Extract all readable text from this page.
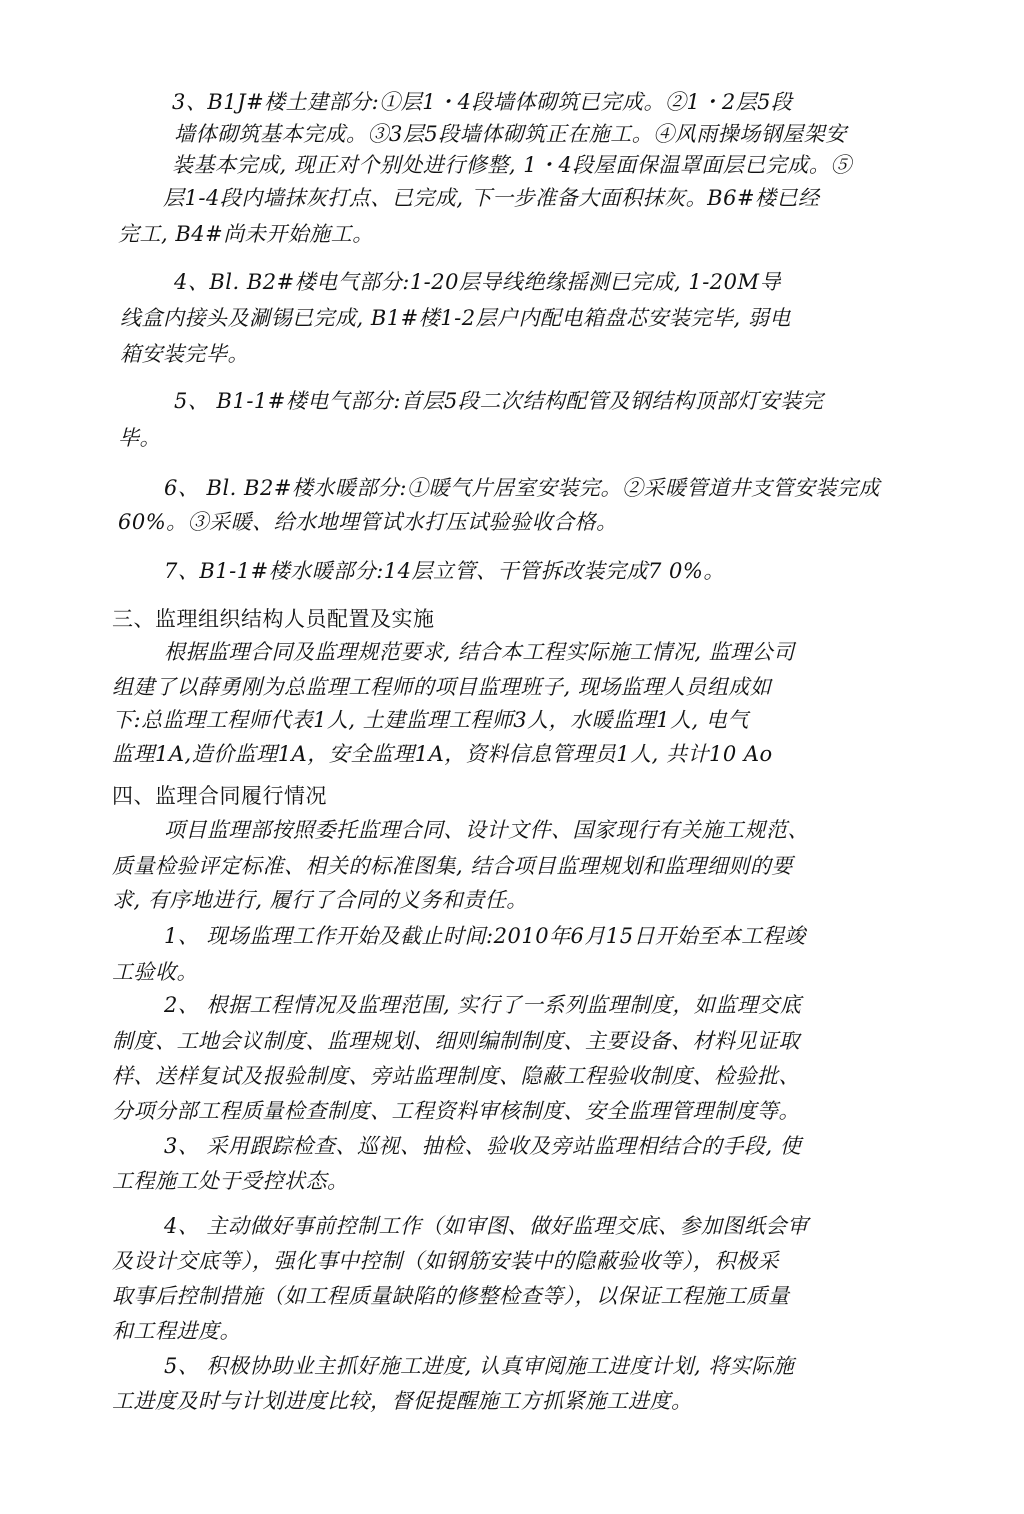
3、B1J#楼土建部分:①层1・4段墙体砌筑已完成。②1・2层5段
墙体砌筑基本完成。③3层5段墙体砌筑正在施工。④风雨操场钢屋架安
装基本完成, 现正对个别处进行修整, 1・4段屋面保温罩面层已完成。⑤
层1-4段内墙抹灰打点、已完成, 下一步准备大面积抹灰。B6#楼已经
完工, B4#尚未开始施工。
4、Bl. B2#楼电气部分:1-20层导线绝缘摇测已完成, 1-20M导
线盒内接头及涮锡已完成, B1#楼1-2层户内配电箱盘芯安装完毕, 弱电
箱安装完毕。
5、 B1-1#楼电气部分:首层5段二次结构配管及钢结构顶部灯安装完
毕。
6、 Bl. B2#楼水暖部分:①暖气片居室安装完。②采暖管道井支管安装完成
60%。③采暖、给水地埋管试水打压试验验收合格。
7、B1-1#楼水暖部分:14层立管、干管拆改装完成7 0%。
三、监理组织结构人员配置及实施
根据监理合同及监理规范要求, 结合本工程实际施工情况, 监理公司
组建了以薛勇刚为总监理工程师的项目监理班子, 现场监理人员组成如
下:总监理工程师代表1人, 土建监理工程师3人，水暖监理1人, 电气
监理1A,造价监理1A，安全监理1A，资料信息管理员1人, 共计10 Ao
四、监理合同履行情况
项目监理部按照委托监理合同、设计文件、国家现行有关施工规范、
质量检验评定标准、相关的标准图集, 结合项目监理规划和监理细则的要
求, 有序地进行, 履行了合同的义务和责任。
1、 现场监理工作开始及截止时间:2010年6月15日开始至本工程竣
工验收。
2、 根据工程情况及监理范围, 实行了一系列监理制度，如监理交底
制度、工地会议制度、监理规划、细则编制制度、主要设备、材料见证取
样、送样复试及报验制度、旁站监理制度、隐蔽工程验收制度、检验批、
分项分部工程质量检查制度、工程资料审核制度、安全监理管理制度等。
3、 采用跟踪检查、巡视、抽检、验收及旁站监理相结合的手段, 使
工程施工处于受控状态。
4、 主动做好事前控制工作（如审图、做好监理交底、参加图纸会审
及设计交底等），强化事中控制（如钢筋安装中的隐蔽验收等），积极采
取事后控制措施（如工程质量缺陷的修整检查等），以保证工程施工质量
和工程进度。
5、 积极协助业主抓好施工进度, 认真审阅施工进度计划, 将实际施
工进度及时与计划进度比较，督促提醒施工方抓紧施工进度。
